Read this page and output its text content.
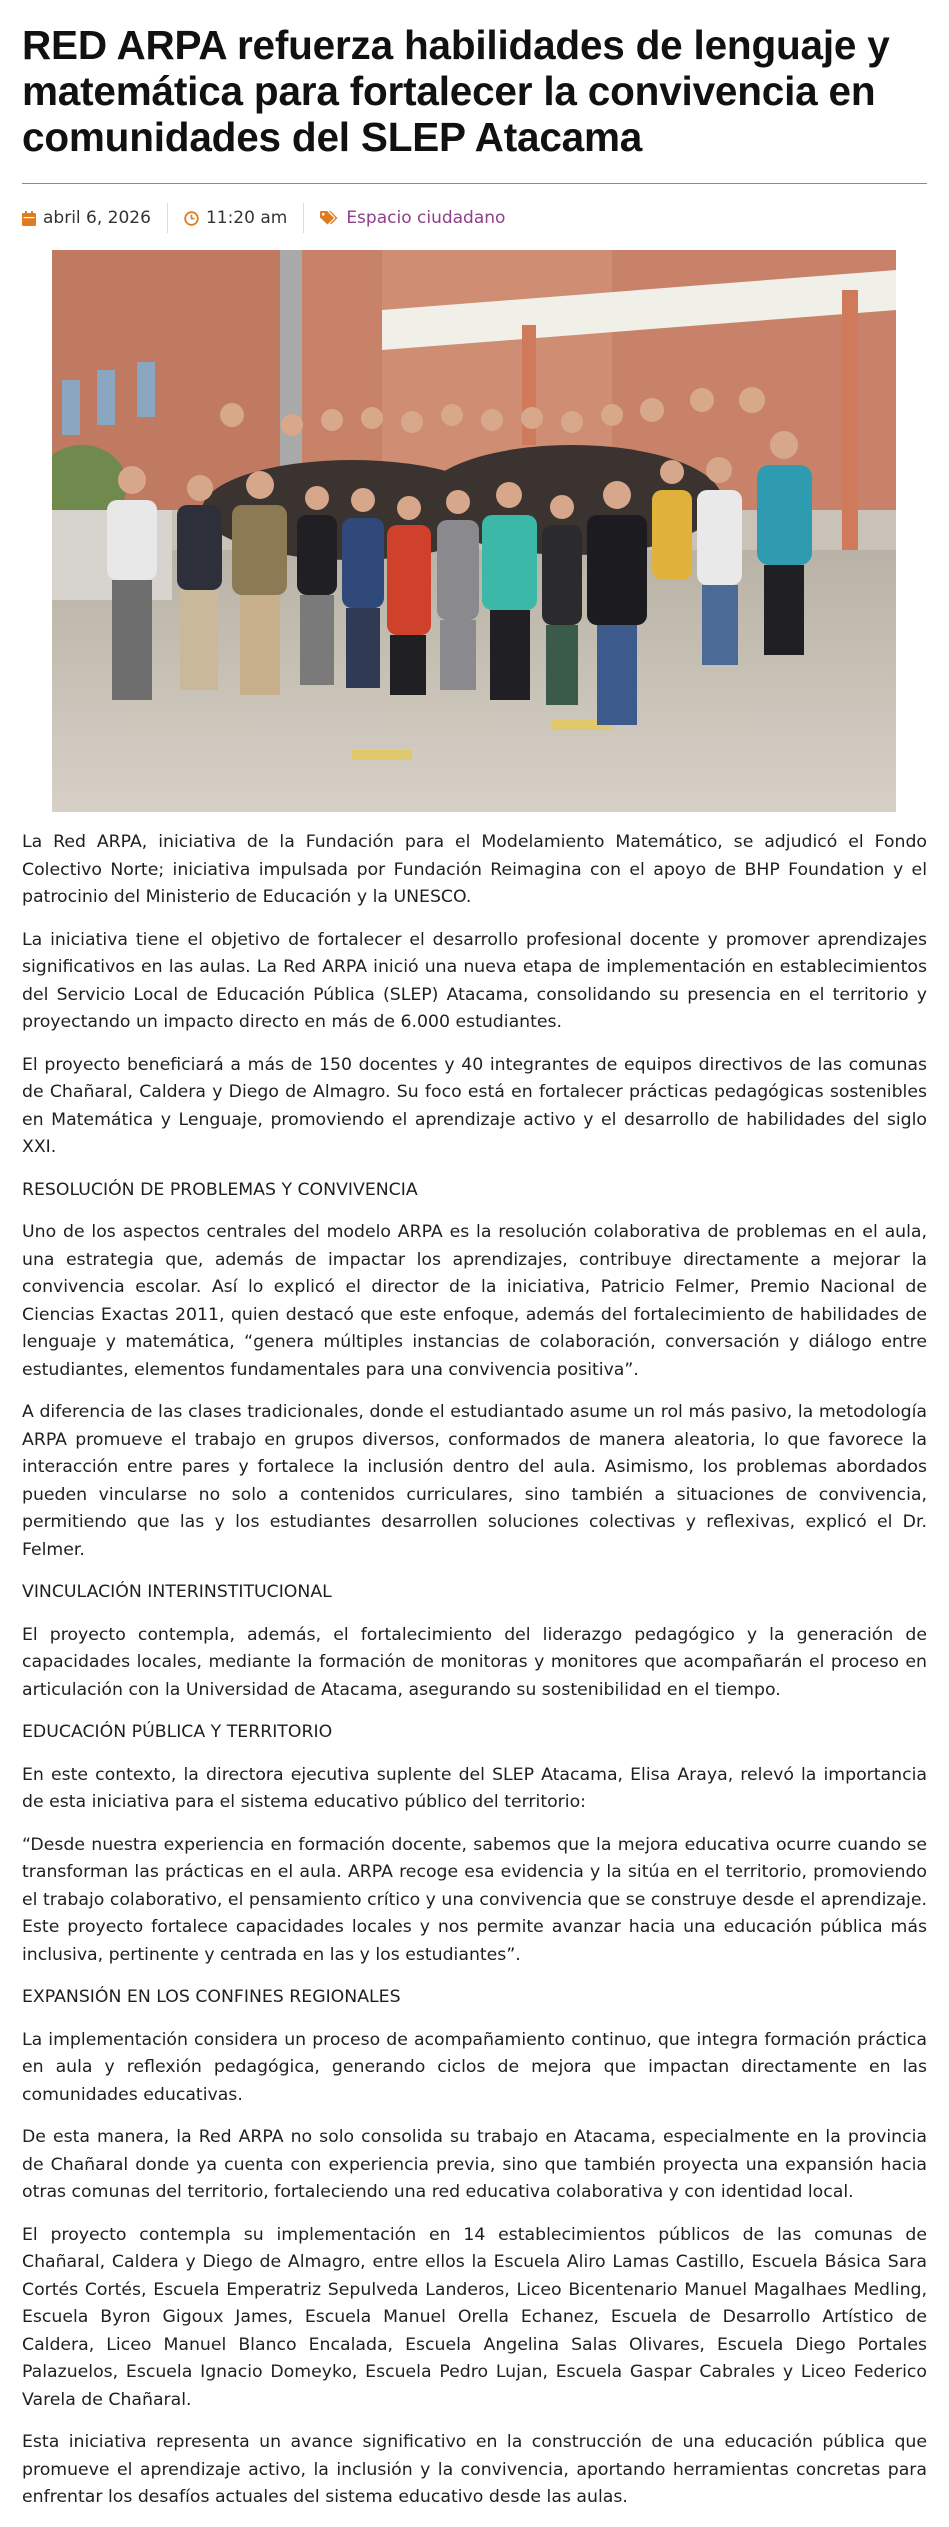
RED ARPA refuerza habilidades de lenguaje y matemática para fortalecer la convivencia en comunidades del SLEP Atacama
abril 6, 2026	11:20 am	Espacio ciudadano

La Red ARPA, iniciativa de la Fundación para el Modelamiento Matemático, se adjudicó el Fondo Colectivo Norte; iniciativa impulsada por Fundación Reimagina con el apoyo de BHP Foundation y el patrocinio del Ministerio de Educación y la UNESCO.

La iniciativa tiene el objetivo de fortalecer el desarrollo profesional docente y promover aprendizajes significativos en las aulas. La Red ARPA inició una nueva etapa de implementación en establecimientos del Servicio Local de Educación Pública (SLEP) Atacama, consolidando su presencia en el territorio y proyectando un impacto directo en más de 6.000 estudiantes.

El proyecto beneficiará a más de 150 docentes y 40 integrantes de equipos directivos de las comunas de Chañaral, Caldera y Diego de Almagro. Su foco está en fortalecer prácticas pedagógicas sostenibles en Matemática y Lenguaje, promoviendo el aprendizaje activo y el desarrollo de habilidades del siglo XXI.

RESOLUCIÓN DE PROBLEMAS Y CONVIVENCIA

Uno de los aspectos centrales del modelo ARPA es la resolución colaborativa de problemas en el aula, una estrategia que, además de impactar los aprendizajes, contribuye directamente a mejorar la convivencia escolar. Así lo explicó el director de la iniciativa, Patricio Felmer, Premio Nacional de Ciencias Exactas 2011, quien destacó que este enfoque, además del fortalecimiento de habilidades de lenguaje y matemática, “genera múltiples instancias de colaboración, conversación y diálogo entre estudiantes, elementos fundamentales para una convivencia positiva”.

A diferencia de las clases tradicionales, donde el estudiantado asume un rol más pasivo, la metodología ARPA promueve el trabajo en grupos diversos, conformados de manera aleatoria, lo que favorece la interacción entre pares y fortalece la inclusión dentro del aula. Asimismo, los problemas abordados pueden vincularse no solo a contenidos curriculares, sino también a situaciones de convivencia, permitiendo que las y los estudiantes desarrollen soluciones colectivas y reflexivas, explicó el Dr. Felmer.

VINCULACIÓN INTERINSTITUCIONAL

El proyecto contempla, además, el fortalecimiento del liderazgo pedagógico y la generación de capacidades locales, mediante la formación de monitoras y monitores que acompañarán el proceso en articulación con la Universidad de Atacama, asegurando su sostenibilidad en el tiempo.

EDUCACIÓN PÚBLICA Y TERRITORIO

En este contexto, la directora ejecutiva suplente del SLEP Atacama, Elisa Araya, relevó la importancia de esta iniciativa para el sistema educativo público del territorio:

“Desde nuestra experiencia en formación docente, sabemos que la mejora educativa ocurre cuando se transforman las prácticas en el aula. ARPA recoge esa evidencia y la sitúa en el territorio, promoviendo el trabajo colaborativo, el pensamiento crítico y una convivencia que se construye desde el aprendizaje. Este proyecto fortalece capacidades locales y nos permite avanzar hacia una educación pública más inclusiva, pertinente y centrada en las y los estudiantes”.

EXPANSIÓN EN LOS CONFINES REGIONALES

La implementación considera un proceso de acompañamiento continuo, que integra formación práctica en aula y reflexión pedagógica, generando ciclos de mejora que impactan directamente en las comunidades educativas.

De esta manera, la Red ARPA no solo consolida su trabajo en Atacama, especialmente en la provincia de Chañaral donde ya cuenta con experiencia previa, sino que también proyecta una expansión hacia otras comunas del territorio, fortaleciendo una red educativa colaborativa y con identidad local.

El proyecto contempla su implementación en 14 establecimientos públicos de las comunas de Chañaral, Caldera y Diego de Almagro, entre ellos la Escuela Aliro Lamas Castillo, Escuela Básica Sara Cortés Cortés, Escuela Emperatriz Sepulveda Landeros, Liceo Bicentenario Manuel Magalhaes Medling, Escuela Byron Gigoux James, Escuela Manuel Orella Echanez, Escuela de Desarrollo Artístico de Caldera, Liceo Manuel Blanco Encalada, Escuela Angelina Salas Olivares, Escuela Diego Portales Palazuelos, Escuela Ignacio Domeyko, Escuela Pedro Lujan, Escuela Gaspar Cabrales y Liceo Federico Varela de Chañaral.

Esta iniciativa representa un avance significativo en la construcción de una educación pública que promueve el aprendizaje activo, la inclusión y la convivencia, aportando herramientas concretas para enfrentar los desafíos actuales del sistema educativo desde las aulas.
